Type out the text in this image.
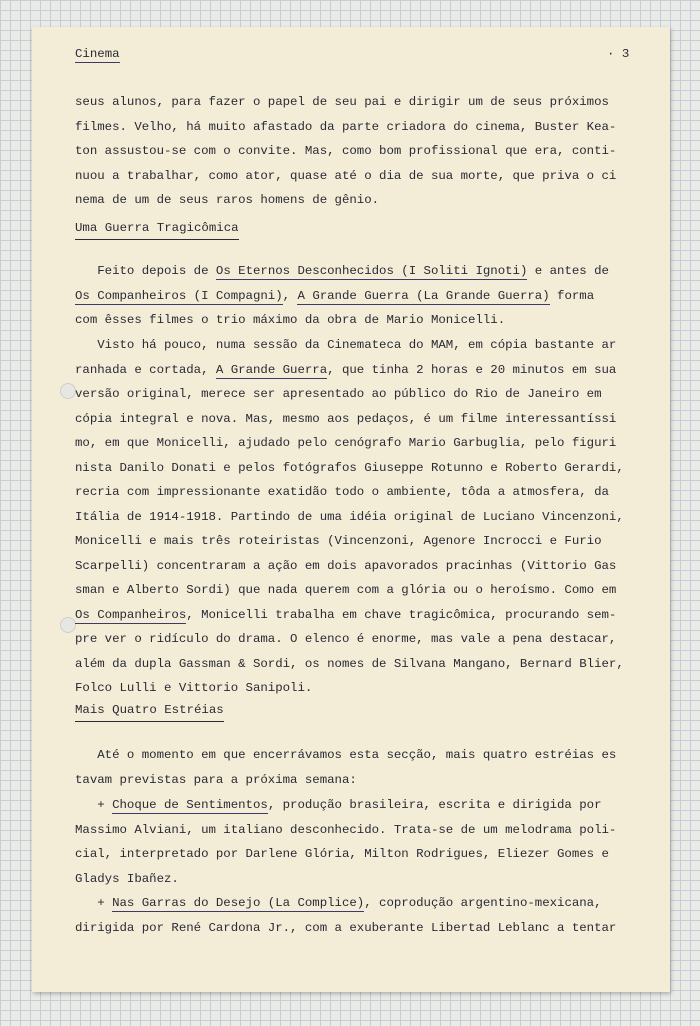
Cinema	· 3
seus alunos, para fazer o papel de seu pai e dirigir um de seus próximos
filmes. Velho, há muito afastado da parte criadora do cinema, Buster Kea-
ton assustou-se com o convite. Mas, como bom profissional que era, conti-
nuou a trabalhar, como ator, quase até o dia de sua morte, que priva o ci
nema de um de seus raros homens de gênio.
Uma Guerra Tragicômica
Feito depois de Os Eternos Desconhecidos (I Soliti Ignoti) e antes de
Os Companheiros (I Compagni), A Grande Guerra (La Grande Guerra) forma
com êsses filmes o trio máximo da obra de Mario Monicelli.
Visto há pouco, numa sessão da Cinemateca do MAM, em cópia bastante ar
ranhada e cortada, A Grande Guerra, que tinha 2 horas e 20 minutos em sua
versão original, merece ser apresentado ao público do Rio de Janeiro em
cópia integral e nova. Mas, mesmo aos pedaços, é um filme interessantíssi
mo, em que Monicelli, ajudado pelo cenógrafo Mario Garbuglia, pelo figuri
nista Danilo Donati e pelos fotógrafos Giuseppe Rotunno e Roberto Gerardi,
recria com impressionante exatidão todo o ambiente, tôda a atmosfera, da
Itália de 1914-1918. Partindo de uma idéia original de Luciano Vincenzoni,
Monicelli e mais três roteiristas (Vincenzoni, Agenore Incrocci e Furio
Scarpelli) concentraram a ação em dois apavorados pracinhas (Vittorio Gas
sman e Alberto Sordi) que nada querem com a glória ou o heroísmo. Como em
Os Companheiros, Monicelli trabalha em chave tragicômica, procurando sem-
pre ver o ridículo do drama. O elenco é enorme, mas vale a pena destacar,
além da dupla Gassman & Sordi, os nomes de Silvana Mangano, Bernard Blier,
Folco Lulli e Vittorio Sanipoli.
Mais Quatro Estréias
Até o momento em que encerrávamos esta secção, mais quatro estréias es
tavam previstas para a próxima semana:
+ Choque de Sentimentos, produção brasileira, escrita e dirigida por
Massimo Alviani, um italiano desconhecido. Trata-se de um melodrama poli-
cial, interpretado por Darlene Glória, Milton Rodrigues, Eliezer Gomes e
Gladys Ibañez.
+ Nas Garras do Desejo (La Complice), coprodução argentino-mexicana,
dirigida por René Cardona Jr., com a exuberante Libertad Leblanc a tentar
